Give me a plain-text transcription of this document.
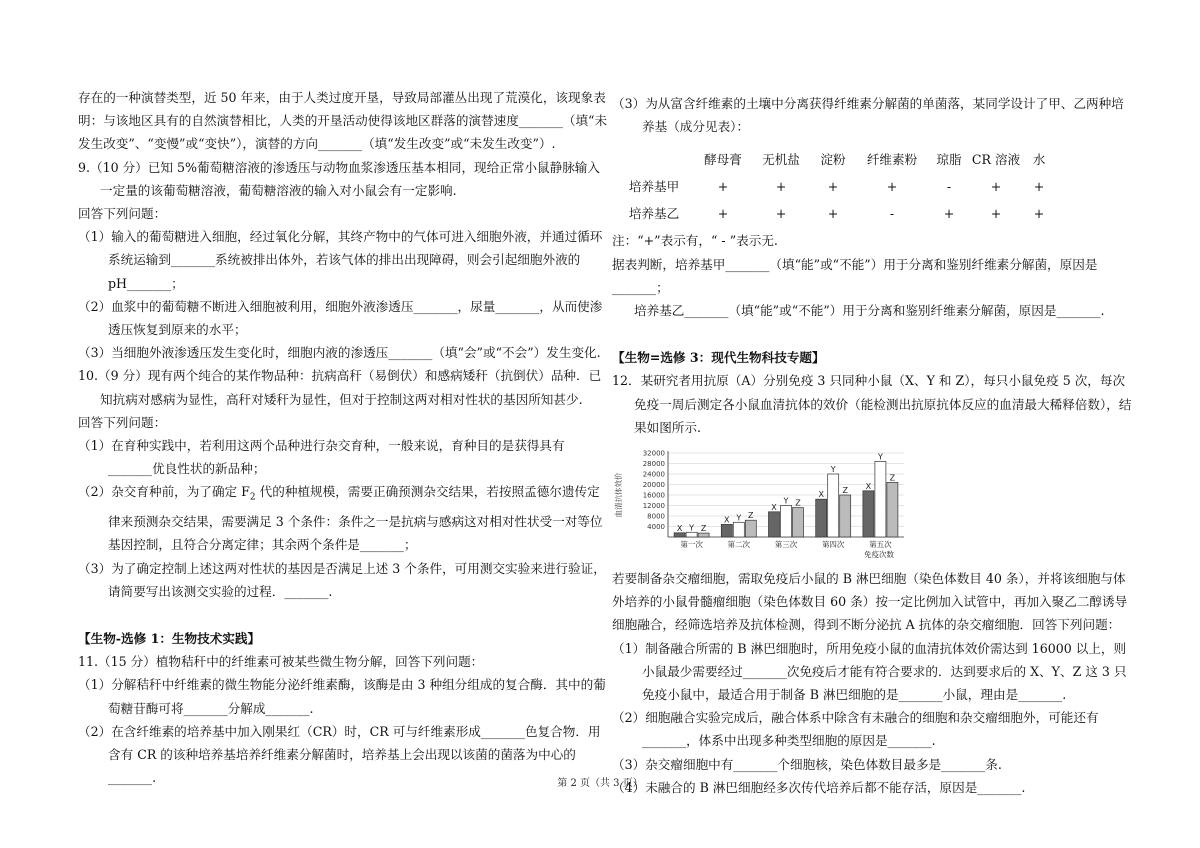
存在的一种演替类型，近 50 年来，由于人类过度开垦，导致局部灌丛出现了荒漠化，该现象表明：与该地区具有的自然演替相比，人类的开垦活动使得该地区群落的演替速度_______（填“未发生改变”、“变慢”或“变快”），演替的方向_______（填“发生改变”或“未发生改变”）.

9.（10 分）已知 5%葡萄糖溶液的渗透压与动物血浆渗透压基本相同，现给正常小鼠静脉输入一定量的该葡萄糖溶液，葡萄糖溶液的输入对小鼠会有一定影响.

回答下列问题：

（1）输入的葡萄糖进入细胞，经过氧化分解，其终产物中的气体可进入细胞外液，并通过循环系统运输到_______系统被排出体外，若该气体的排出出现障碍，则会引起细胞外液的 pH_______；

（2）血浆中的葡萄糖不断进入细胞被利用，细胞外液渗透压_______，尿量_______，从而使渗透压恢复到原来的水平；

（3）当细胞外液渗透压发生变化时，细胞内液的渗透压_______（填“会”或“不会”）发生变化.

10.（9 分）现有两个纯合的某作物品种：抗病高秆（易倒伏）和感病矮秆（抗倒伏）品种．已知抗病对感病为显性，高秆对矮秆为显性，但对于控制这两对相对性状的基因所知甚少.

回答下列问题：

（1）在育种实践中，若利用这两个品种进行杂交育种，一般来说，育种目的是获得具有_______优良性状的新品种；

（2）杂交育种前，为了确定 $F_2$ 代的种植规模，需要正确预测杂交结果，若按照孟德尔遗传定律来预测杂交结果，需要满足 3 个条件：条件之一是抗病与感病这对相对性状受一对等位基因控制，且符合分离定律；其余两个条件是_______；

（3）为了确定控制上述这两对性状的基因是否满足上述 3 个条件，可用测交实验来进行验证，请简要写出该测交实验的过程．_______.

【生物-选修 1：生物技术实践】

11.（15 分）植物秸秆中的纤维素可被某些微生物分解，回答下列问题：

（1）分解秸秆中纤维素的微生物能分泌纤维素酶，该酶是由 3 种组分组成的复合酶．其中的葡萄糖苷酶可将_______分解成_______.

（2）在含纤维素的培养基中加入刚果红（CR）时，CR 可与纤维素形成_______色复合物．用含有 CR 的该种培养基培养纤维素分解菌时，培养基上会出现以该菌的菌落为中心的_______.

（3）为从富含纤维素的土壤中分离获得纤维素分解菌的单菌落，某同学设计了甲、乙两种培养基（成分见表）：

	酵母膏	无机盐	淀粉	纤维素粉	琼脂	CR 溶液	水
培养基甲	+	+	+	+	-	+	+
培养基乙	+	+	+	-	+	+	+

注：“+”表示有，“ - ”表示无.

据表判断，培养基甲_______（填“能”或“不能”）用于分离和鉴别纤维素分解菌，原因是_______；

培养基乙_______（填“能”或“不能”）用于分离和鉴别纤维素分解菌，原因是_______.

【生物=选修 3：现代生物科技专题】

12．某研究者用抗原（A）分别免疫 3 只同种小鼠（X、Y 和 Z），每只小鼠免疫 5 次，每次免疫一周后测定各小鼠血清抗体的效价（能检测出抗原抗体反应的血清最大稀释倍数），结果如图所示.

4000
8000
12000
16000
20000
24000
28000
32000
血清抗体效价
X Y Z
第一次
X Y Z
第二次
X
Y Z
第三次
X
Y
Z
第四次
X
Y
Z
第五次
免疫次数

若要制备杂交瘤细胞，需取免疫后小鼠的 B 淋巴细胞（染色体数目 40 条），并将该细胞与体外培养的小鼠骨髓瘤细胞（染色体数目 60 条）按一定比例加入试管中，再加入聚乙二醇诱导细胞融合，经筛选培养及抗体检测，得到不断分泌抗 A 抗体的杂交瘤细胞．回答下列问题：

（1）制备融合所需的 B 淋巴细胞时，所用免疫小鼠的血清抗体效价需达到 16000 以上，则小鼠最少需要经过_______次免疫后才能有符合要求的．达到要求后的 X、Y、Z 这 3 只免疫小鼠中，最适合用于制备 B 淋巴细胞的是_______小鼠，理由是_______.

（2）细胞融合实验完成后，融合体系中除含有未融合的细胞和杂交瘤细胞外，可能还有_______，体系中出现多种类型细胞的原因是_______.

（3）杂交瘤细胞中有_______个细胞核，染色体数目最多是_______条.

（4）未融合的 B 淋巴细胞经多次传代培养后都不能存活，原因是_______.

第 2 页（共 3 页）
